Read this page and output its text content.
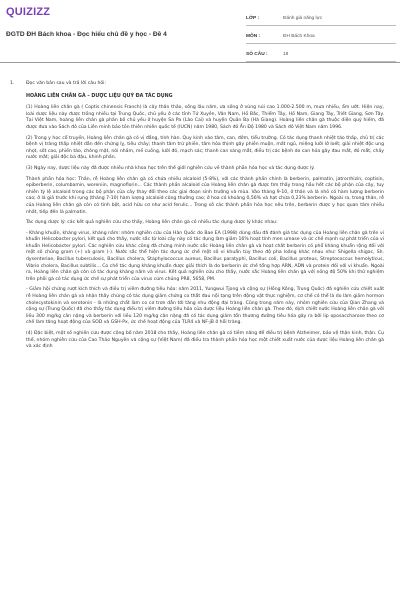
QUIZIZZ
ĐGTD ĐH Bách khoa - Đọc hiểu chủ đề y học - Đề 4
LỚP :	Đánh giá năng lực
MÔN :	ĐH Bách Khoa
SỐ CÂU :	18
1.	Đọc văn bản sau và trả lời câu hỏi:

HOÀNG LIÊN CHÂN GÀ – DƯỢC LIỆU QUÝ ĐA TÁC DỤNG

(1) Hoàng liên chân gà ( Coptis chinensis Franch) là cây thân thảo, sống lâu năm, ưa sống ở vùng núi cao 1.000-2.500 m, mưa nhiều, ẩm ướt. Hiện nay, loài dược liệu này được trồng nhiều tại Trung Quốc, chủ yếu ở các tỉnh Tứ Xuyên, Vân Nam, Hồ Bắc, Thiểm Tây, Hồ Nam, Giang Tây, Triết Giang, Sơn Tây. Tại Việt Nam, hoàng liên chân gà phân bố chủ yếu ở huyện Sa Pa (Lào Cai) và huyện Quản Bạ (Hà Giang). Hoàng liên chân gà thuộc diện quý hiếm, đã được đưa vào Sách đỏ của Liên minh bảo tồn thiên nhiên quốc tế (IUCN) năm 1980, Sách đỏ Ấn Độ 1980 và Sách đỏ Việt Nam năm 1996.

(2) Trong y học cổ truyền, Hoàng liên chân gà có vị đắng, tính hàn. Quy kinh vào tâm, can, đởm, tiểu trường. Có tác dụng thanh nhiệt táo thấp, chủ trị các bệnh vị tràng thấp nhiệt dẫn đến chứng lỵ, tiêu chảy; thanh tâm trừ phiền, tâm hỏa thịnh gây phiền muộn, mất ngủ, miệng lưỡi lở loét; giải nhiệt độc ung nhọt, sốt cao, phiền táo, chóng mặt, nói nhảm, mề cuồng, lưỡi đỏ, mạch sác; thanh can sáng mắt, điều trị các bệnh do can hỏa gây đau mắt, đỏ mắt, chảy nước mắt; giải độc ba đậu, khinh phấn.

(3) Ngày nay, dược liệu này đã được nhiều nhà khoa học trên thế giới nghiên cứu về thành phần hóa học và tác dụng dược lý.

Thành phần hóa học: Thân, rễ Hoàng liên chân gà có chứa nhiều alcaloid (5-8%), với các thành phần chính là berberin, palmatin, jatrorrhizin, coptisin, epiberberin, columbamin, woreniin, magnoflorin... Các thành phần alcaloid của Hoàng liên chân gà được tìm thấy trong hầu hết các bộ phận của cây, tuy nhiên tỷ lệ alcaloid trong các bộ phận của cây thay đổi theo các giai đoạn sinh trưởng và mùa. Vào tháng 9-10, ở thân và lá nhỏ có hàm lượng berberin cao; ở lá giả trước khi rụng (tháng 7-10) hàm lượng alcaloid cũng thường cao; ở hoa có khoảng 0,56% và hạt chứa 0,23% berberin. Ngoài ra, trong thân, rễ của Hoàng liên chân gà còn có tinh bột, acid hữu cơ như acid ferulic... Trong số các thành phần hóa học nêu trên, berberin được y học quan tâm nhiều nhất, tiếp đến là palmatin.

Tác dụng dược lý: các kết quả nghiên cứu cho thấy, Hoàng liên chân gà có nhiều tác dụng dược lý khác nhau:

- Kháng khuẩn, kháng virus, kháng nấm: nhóm nghiên cứu của Hàn Quốc do Bae EA (1998) dùng dầu đã đánh giá tác dụng của Hoàng liên chân gà trên vi khuẩn Helicobacter pylori, kết quả cho thấy, nước sắc từ loài cây này có tác dụng làm giảm 16% hoạt tính men urease và ức chế mạnh sự phát triển của vi khuẩn Helicobacter pylori. Các nghiên cứu khác cũng đã chứng minh nước sắc Hoàng liên chân gà và hoạt chất berberin có phổ kháng khuẩn rộng đối với một số chủng gram (+) và gram (-). Nước sắc thể hiện tác dụng ức chế một số vi khuẩn tùy theo độ pha loãng khác nhau như: Shigella shigac, Sh. dysenteriae, Bacillus tuberculosis, Bacillus cholera, Staphylococcus aureus, Bacillus paratyphi, Bacillus coli, Bacillus proteus, Streptococcus hemolyticus, Vibrio cholera, Bacillus subtilis... Co chế tác dụng kháng khuẩn được giải thích là do berberin ức chế tổng hợp ARN, ADN và protein đối với vi khuẩn. Ngoài ra, Hoàng liên chân gà còn có tác dụng kháng nấm và virus. Kết quả nghiên cứu cho thấy, nước sắc Hoàng liên chân gà với nồng độ 50% khi thử nghiệm trên phôi gà có tác dụng ức chế sự phát triển của virus cúm chủng PR8, 5658, PM.

- Giảm hội chứng rượt kích thích và điều trị viêm đường tiêu hóa: năm 2011, Yungwui Tjong và cộng sự (Hồng Kông, Trung Quốc) đã nghiên cứu chiết xuất rễ Hoàng liên chân gà và nhận thấy chúng có tác dụng giảm chứng co thắt đau nội tạng trên động vật thực nghiệm, cơ chế có thể là do làm giảm hormon cholecystokinin và serotonin - là những chất làm co cơ trơn dẫn tới tăng nhu động đại tràng. Cũng trong năm này, nhóm nghiên cứu của Qian Zhang và cộng sự (Trung Quốc) đã cho thấy tác dụng điều trị viêm đường tiêu hóa của dược liệu Hoàng liên chân gà. Theo đó, dịch chiết nước Hoàng liên chân gà với liều 300 mg/kg cân nặng và berberin với liều 120 mg/kg cân nặng đã có tác dụng giảm tổn thương đường tiêu hóa gây ra bởi lip oposaccharose theo cơ chế làm tăng hoạt động của SOD và GSH-Px, ức chế hoạt động của TLR4 và NF-jB ở hỗi tràng.

(4) Đặc biệt, một số nghiên cứu được công bố năm 2018 cho thấy, Hoàng liên chân gà có tiềm năng để điều trị bệnh Alzheimer, bảo vệ thận kinh, thận. Cụ thể, nhóm nghiên cứu của Cao Thảo Nguyên và cộng sự (Việt Nam) đã điều tra thành phần hóa học một chiết xuất nước của dược liệu Hoàng liên chân gà và xác định
